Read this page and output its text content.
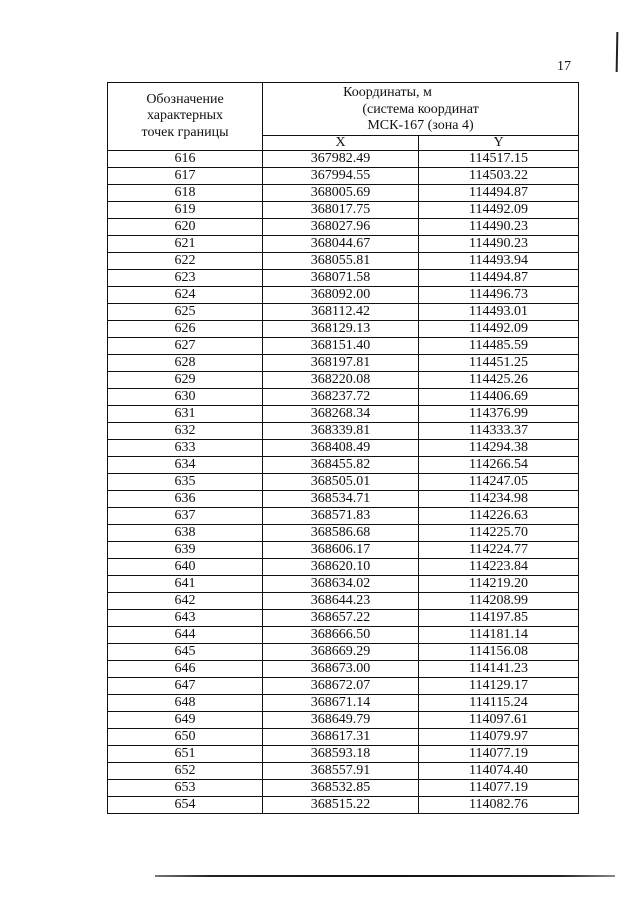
17
Обозначение
характерных
точек границы	Координаты, м
(система координат
МСК-167 (зона 4)	

	X	Y
616	367982.49	114517.15
617	367994.55	114503.22
618	368005.69	114494.87
619	368017.75	114492.09
620	368027.96	114490.23
621	368044.67	114490.23
622	368055.81	114493.94
623	368071.58	114494.87
624	368092.00	114496.73
625	368112.42	114493.01
626	368129.13	114492.09
627	368151.40	114485.59
628	368197.81	114451.25
629	368220.08	114425.26
630	368237.72	114406.69
631	368268.34	114376.99
632	368339.81	114333.37
633	368408.49	114294.38
634	368455.82	114266.54
635	368505.01	114247.05
636	368534.71	114234.98
637	368571.83	114226.63
638	368586.68	114225.70
639	368606.17	114224.77
640	368620.10	114223.84
641	368634.02	114219.20
642	368644.23	114208.99
643	368657.22	114197.85
644	368666.50	114181.14
645	368669.29	114156.08
646	368673.00	114141.23
647	368672.07	114129.17
648	368671.14	114115.24
649	368649.79	114097.61
650	368617.31	114079.97
651	368593.18	114077.19
652	368557.91	114074.40
653	368532.85	114077.19
654	368515.22	114082.76
